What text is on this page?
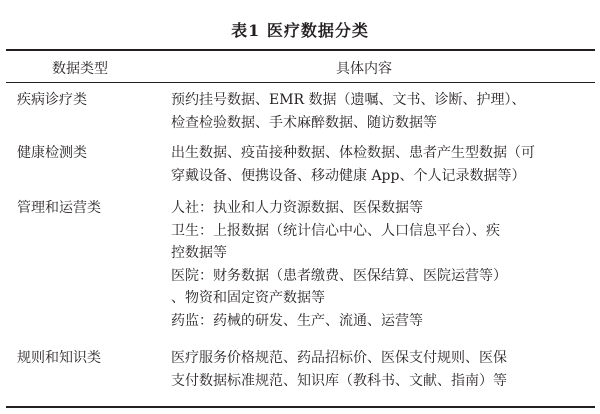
表1 医疗数据分类
数据类型	具体内容
疾病诊疗类	预约挂号数据、EMR 数据（遗嘱、文书、诊断、护理）、
检查检验数据、手术麻醉数据、随访数据等
健康检测类	出生数据、疫苗接种数据、体检数据、患者产生型数据（可
穿戴设备、便携设备、移动健康 App、个人记录数据等）
管理和运营类	人社：执业和人力资源数据、医保数据等
卫生：上报数据（统计信心中心、人口信息平台）、疾
控数据等
医院：财务数据（患者缴费、医保结算、医院运营等）
、物资和固定资产数据等
药监：药械的研发、生产、流通、运营等
规则和知识类	医疗服务价格规范、药品招标价、医保支付规则、医保
支付数据标准规范、知识库（教科书、文献、指南）等
